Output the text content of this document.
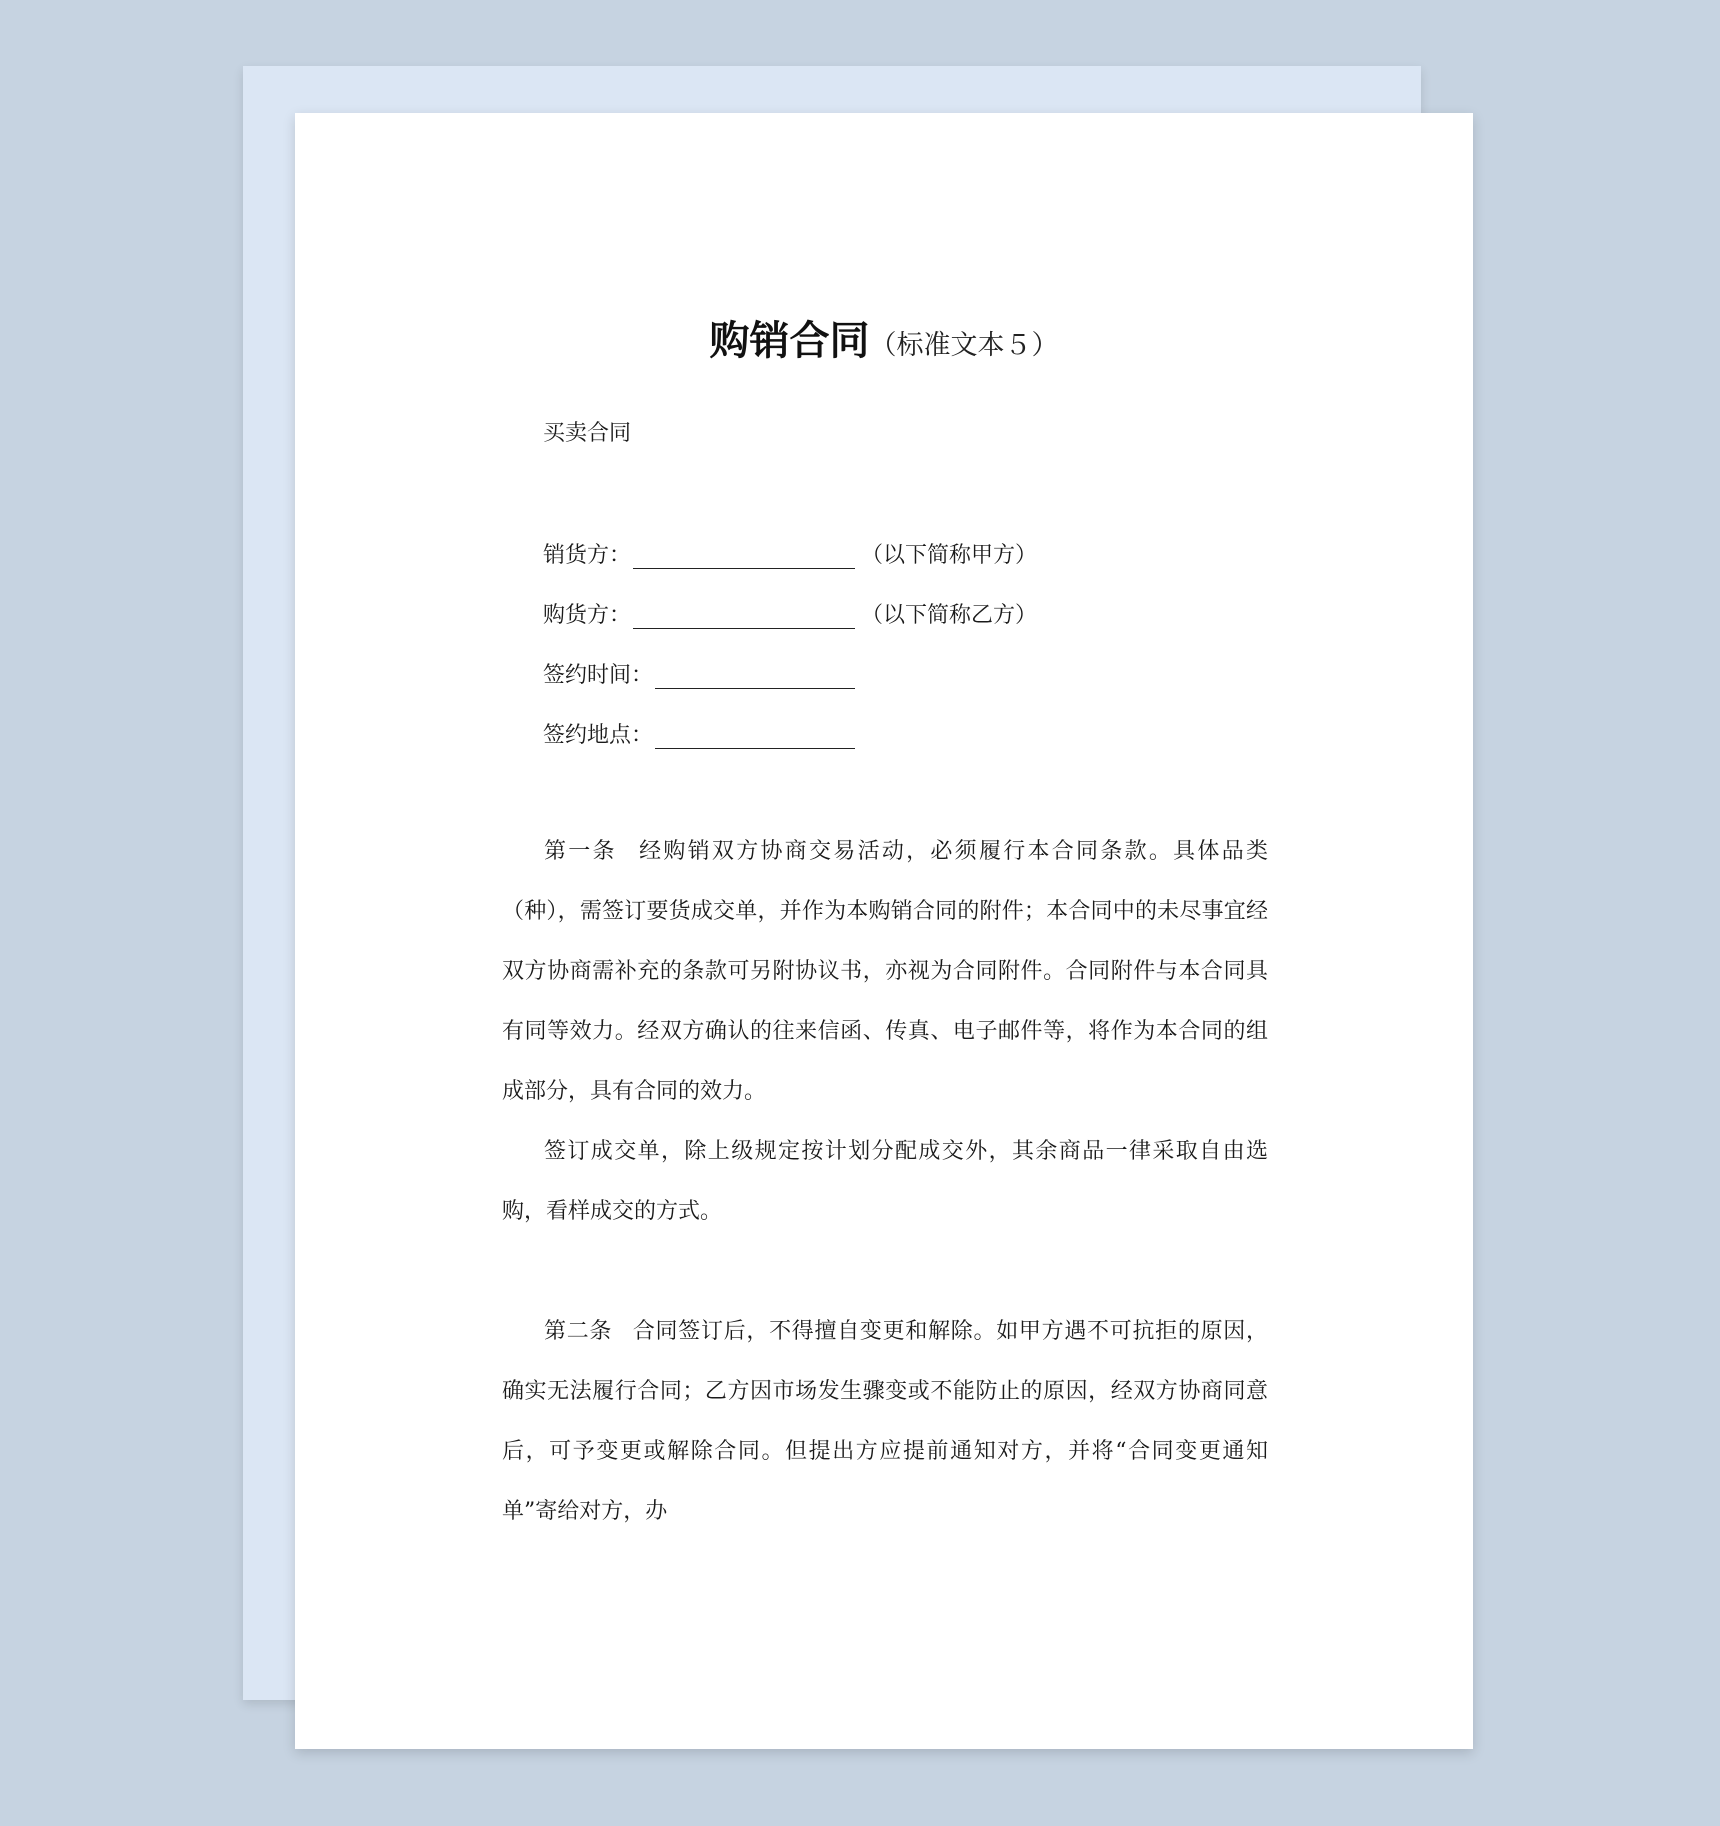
购销合同（标准文本５）
买卖合同
销货方：	（以下简称甲方）
购货方：	（以下简称乙方）
签约时间：
签约地点：

第一条 经购销双方协商交易活动，必须履行本合同条款。具体品类（种），需签订要货成交单，并作为本购销合同的附件；本合同中的未尽事宜经双方协商需补充的条款可另附协议书，亦视为合同附件。合同附件与本合同具有同等效力。经双方确认的往来信函、传真、电子邮件等，将作为本合同的组成部分，具有合同的效力。

签订成交单，除上级规定按计划分配成交外，其余商品一律采取自由选购，看样成交的方式。

第二条 合同签订后，不得擅自变更和解除。如甲方遇不可抗拒的原因，确实无法履行合同；乙方因市场发生骤变或不能防止的原因，经双方协商同意后，可予变更或解除合同。但提出方应提前通知对方，并将“合同变更通知单”寄给对方，办
